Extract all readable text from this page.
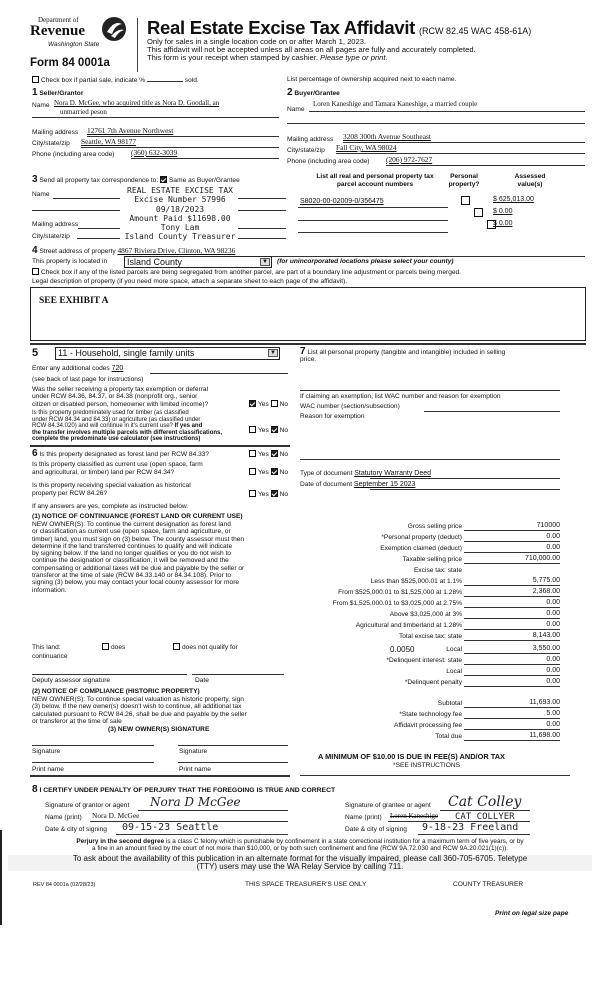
Department of
Revenue
Washington State
Form 84 0001a
Real Estate Excise Tax Affidavit (RCW 82.45 WAC 458-61A)
Only for sales in a single location code on or after March 1, 2023.
This affidavit will not be accepted unless all areas on all pages are fully and accurately completed.
This form is your receipt when stamped by cashier. Please type or print.
Check box if partial sale, indicate %	sold.	List percentage of ownership acquired next to each name.
1 Seller/Grantor
Name Nora D. McGee, who acquired title as Nora D. Goodall, an
unmarried peson
Mailing address 12761 7th Avenue Northwest
City/state/zip Seattle, WA 98177
Phone (including area code) (360) 632-3039
2 Buyer/Grantee
Name
Loren Kaneshige and Tamara Kaneshige, a married couple
Mailing address 3208 300th Avenue Southeast
City/state/zip Fall City, WA 98024
Phone (including area code) (206) 972-7627
3 Send all property tax correspondence to: Same as Buyer/Grantee
Name
Mailing address
City/state/zip
REAL ESTATE EXCISE TAX
Excise Number 57996
09/18/2023
Amount Paid $11698.00
Tony Lam
Island County Treasurer
List all real and personal property tax
parcel account numbers
Personal
property?
Assessed
value(s)
S8020-00-02009-0/356475
	$ 625,013.00
$ 0.00
$ 0.00
4 Street address of property 4867 Riviera Drive, Clinton, WA 98236
This property is located in	Island County	▼	(for unincorporated locations please select your county)
Check box if any of the listed parcels are being segregated from another parcel, are part of a boundary line adjustment or parcels being merged.
Legal description of property (if you need more space, attach a separate sheet to each page of the affidavit).
SEE EXHIBIT A
5	11 - Household, single family units	▼
Enter any additional codes 720
(see back of last page for instructions)
Was the seller receiving a property tax exemption or deferral
under RCW 84.36, 84.37, or 84.38 (nonprofit org., senior
citizen or disabled person, homeowner with limited income)?	Yes No
Is this property predominately used for timber (as classified
under RCW 84.34 and 84.33) or agriculture (as classified under
RCW 84.34.020) and will continue in it's current use? If yes and
the transfer involves multiple parcels with different classifications,
complete the predominate use calculator (see instructions)
Yes No
6 Is this property designated as forest land per RCW 84.33?	Yes No
Is this property classified as current use (open space, farm
and agricultural, or timber) land per RCW 84.34?	Yes No
Is this property receiving special valuation as historical
property per RCW 84.26?	Yes No
If any answers are yes, complete as instructed below.
(1) NOTICE OF CONTINUANCE (FOREST LAND OR CURRENT USE)
NEW OWNER(S): To continue the current designation as forest land
or classification as current use (open space, farm and agriculture, or
timber) land, you must sign on (3) below. The county assessor must then
determine if the land transferred continues to qualify and will indicate
by signing below. If the land no longer qualifies or you do not wish to
continue the designation or classification, it will be removed and the
compensating or additional taxes will be due and payable by the seller or
transferor at the time of sale (RCW 84.33.140 or 84.34.108). Prior to
signing (3) below, you may contact your local county assessor for more
information.
This land:
continuance
does	does not qualify for
Deputy assessor signature	Date
(2) NOTICE OF COMPLIANCE (HISTORIC PROPERTY)
NEW OWNER(S): To continue special valuation as historic property, sign
(3) below. If the new owner(s) doesn't wish to continue, all additional tax
calculated pursuant to RCW 84.26, shall be due and payable by the seller
or transferor at the time of sale
(3) NEW OWNER(S) SIGNATURE
Signature	Signature
Print name	Print name
7 List all personal property (tangible and intangible) included in selling
price.
If claiming an exemption, list WAC number and reason for exemption
WAC number (section/subsection)
Reason for exemption
Type of document Statutory Warranty Deed
Date of document September 15 2023
Gross selling price	710000
*Personal property (deduct)	0.00
Exemption claimed (deduct)	0.00
Taxable selling price	710,000.00
Excise tax: state
Less than $525,000.01 at 1.1%	5,775.00
From $525,000.01 to $1,525,000 at 1.28%	2,368.00
From $1,525,000.01 to $3,025,000 at 2.75%	0.00
Above $3,025,000 at 3%	0.00
Agricultural and timberland at 1.28%	0.00
Total excise tax: state	8,143.00
Local	3,550.00
*Delinquent interest: state	0.00
Local	0.00
*Delinquent penalty	0.00
Subtotal	11,693.00
*State technology fee	5.00
Affidavit processing fee	0.00
Total due	11,698.00
0.0050
A MINIMUM OF $10.00 IS DUE IN FEE(S) AND/OR TAX
*SEE INSTRUCTIONS
8 I CERTIFY UNDER PENALTY OF PERJURY THAT THE FOREGOING IS TRUE AND CORRECT
Signature of grantor or agent Nora D McGee
Name (print) Nora D. McGee
Date & city of signing 09-15-23 Seattle
Signature of grantee or agent Cat Colley
Name (print) Loren Kaneshige CAT COLLYER
Date & city of signing 9-18-23 Freeland
Perjury in the second degree is a class C felony which is punishable by confinement in a state correctional institution for a maximum term of five years, or by
a fine in an amount fixed by the court of not more than $10,000, or by both such confinement and fine (RCW 9A.72.030 and RCW 9A.20.021(1)(c)).
To ask about the availability of this publication in an alternate format for the visually impaired, please call 360-705-6705. Teletype
(TTY) users may use the WA Relay Service by calling 711.
REV 84 0001a (02/28/23)	THIS SPACE TREASURER'S USE ONLY	COUNTY TREASURER
Print on legal size pape
